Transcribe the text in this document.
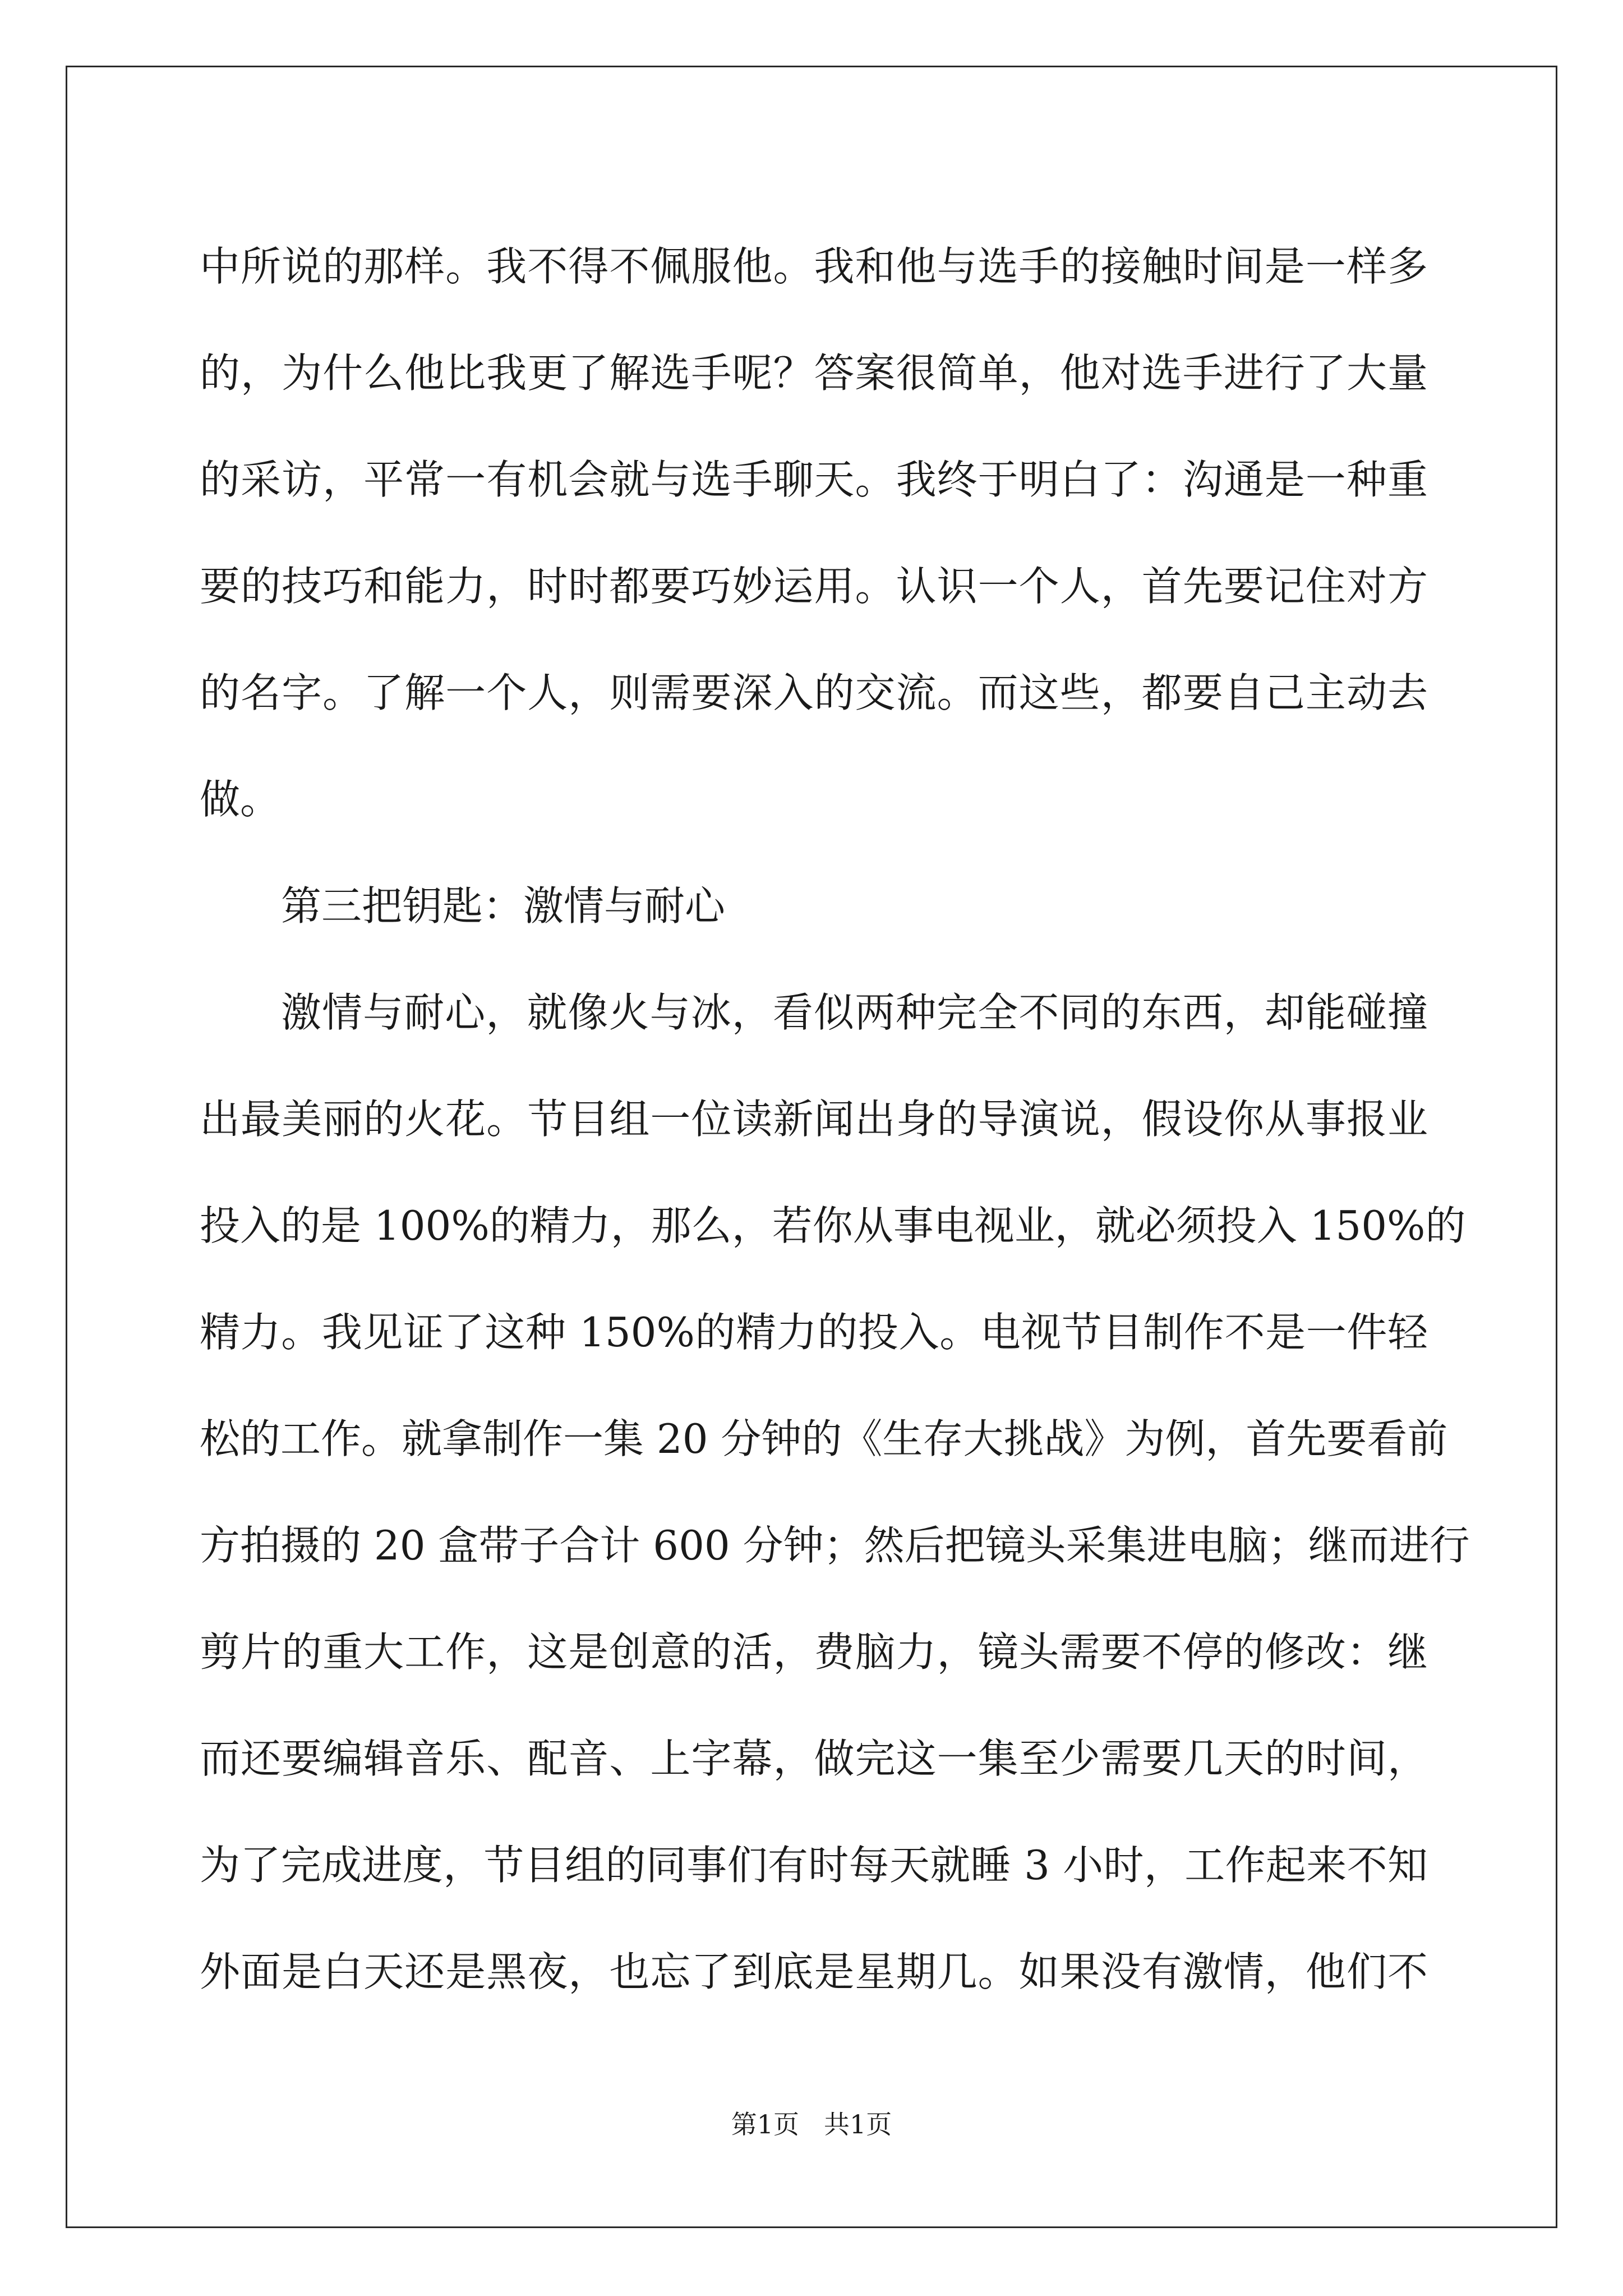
中所说的那样。我不得不佩服他。我和他与选手的接触时间是一样多
的，为什么他比我更了解选手呢？答案很简单，他对选手进行了大量
的采访，平常一有机会就与选手聊天。我终于明白了：沟通是一种重
要的技巧和能力，时时都要巧妙运用。认识一个人，首先要记住对方
的名字。了解一个人，则需要深入的交流。而这些，都要自己主动去
做。
第三把钥匙：激情与耐心
激情与耐心，就像火与冰，看似两种完全不同的东西，却能碰撞
出最美丽的火花。节目组一位读新闻出身的导演说，假设你从事报业
投入的是 100%的精力，那么，若你从事电视业，就必须投入 150%的
精力。我见证了这种 150%的精力的投入。电视节目制作不是一件轻
松的工作。就拿制作一集 20 分钟的《生存大挑战》为例，首先要看前
方拍摄的 20 盒带子合计 600 分钟；然后把镜头采集进电脑；继而进行
剪片的重大工作，这是创意的活，费脑力，镜头需要不停的修改：继
而还要编辑音乐、配音、上字幕，做完这一集至少需要几天的时间，
为了完成进度，节目组的同事们有时每天就睡 3 小时，工作起来不知
外面是白天还是黑夜，也忘了到底是星期几。如果没有激情，他们不
第1页 共1页
